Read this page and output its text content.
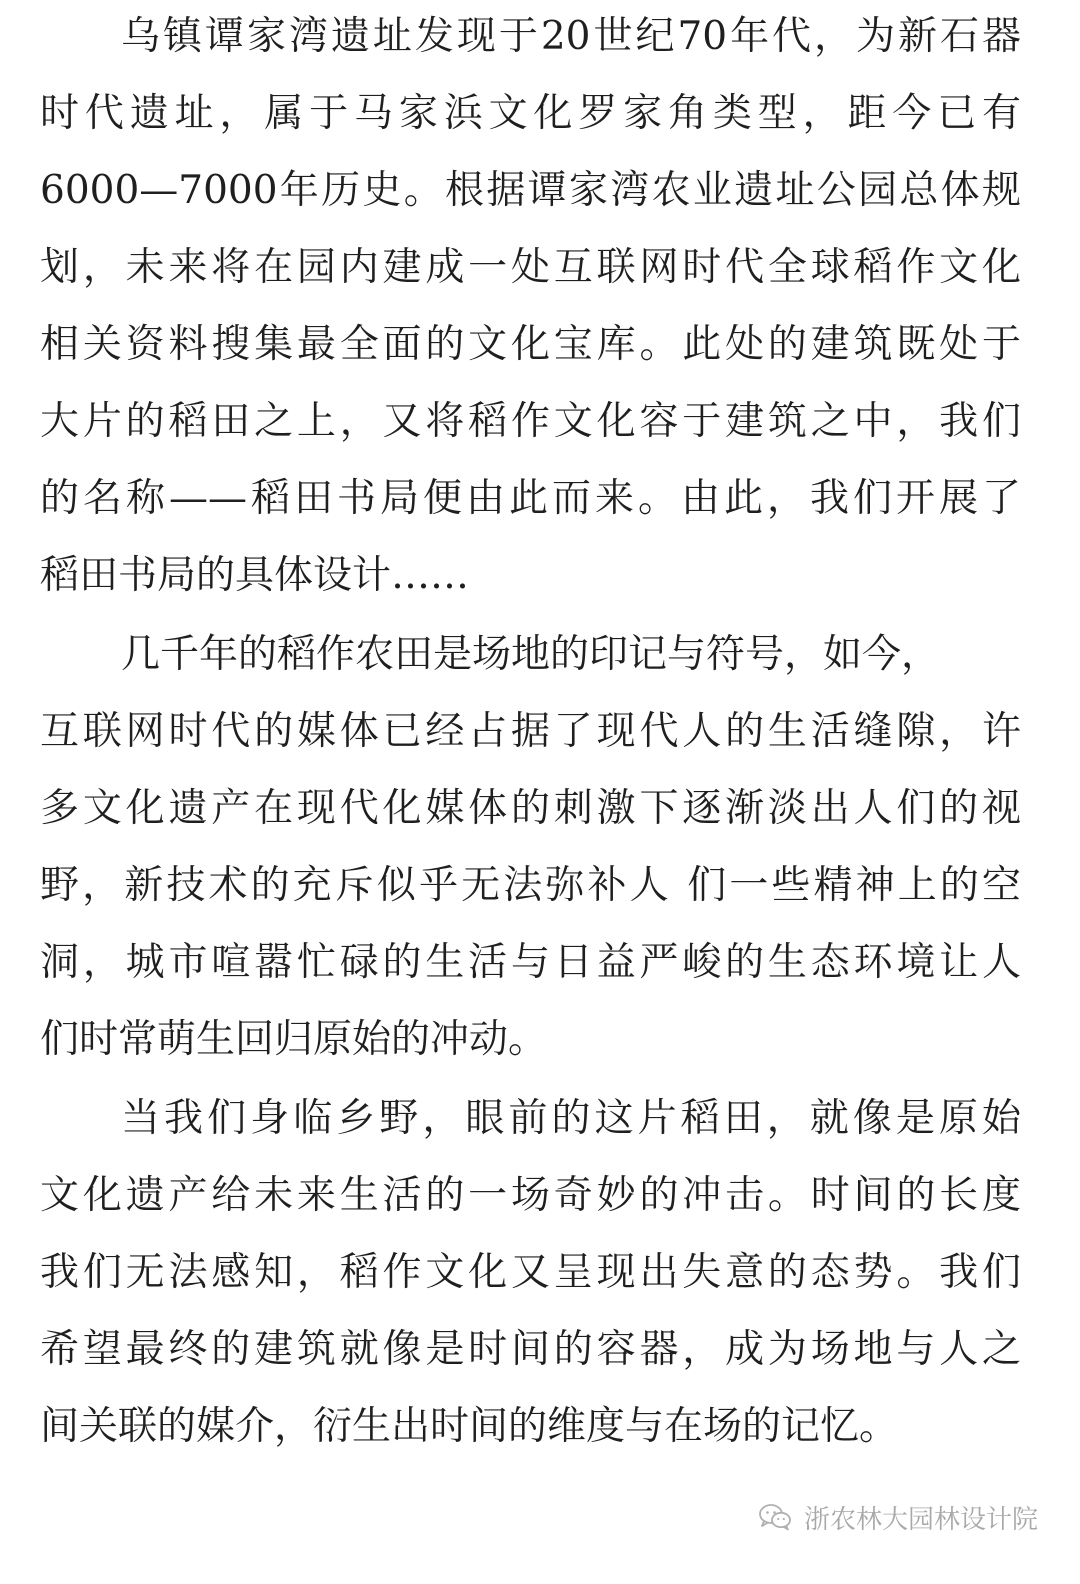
乌镇谭家湾遗址发现于20世纪70年代，为新石器
时代遗址，属于马家浜文化罗家角类型，距今已有
6000—7000年历史。根据谭家湾农业遗址公园总体规
划，未来将在园内建成一处互联网时代全球稻作文化
相关资料搜集最全面的文化宝库。此处的建筑既处于
大片的稻田之上，又将稻作文化容于建筑之中，我们
的名称——稻田书局便由此而来。由此，我们开展了
稻田书局的具体设计……
几千年的稻作农田是场地的印记与符号，如今，
互联网时代的媒体已经占据了现代人的生活缝隙，许
多文化遗产在现代化媒体的刺激下逐渐淡出人们的视
野，新技术的充斥似乎无法弥补人 们一些精神上的空
洞，城市喧嚣忙碌的生活与日益严峻的生态环境让人
们时常萌生回归原始的冲动。
当我们身临乡野，眼前的这片稻田，就像是原始
文化遗产给未来生活的一场奇妙的冲击。时间的长度
我们无法感知，稻作文化又呈现出失意的态势。我们
希望最终的建筑就像是时间的容器，成为场地与人之
间关联的媒介，衍生出时间的维度与在场的记忆。
浙农林大园林设计院
